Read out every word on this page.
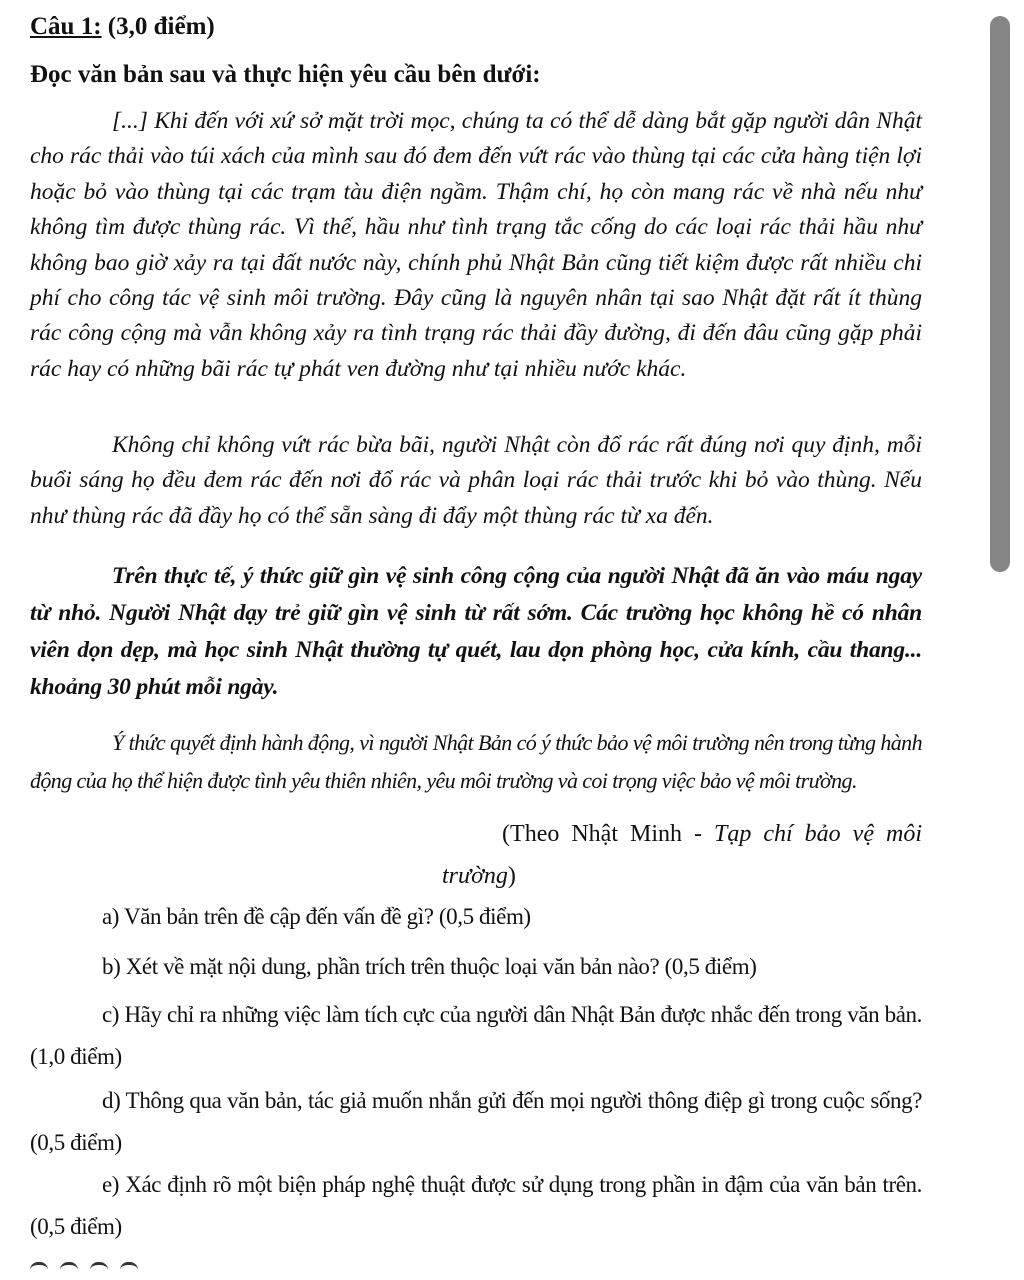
Câu 1: (3,0 điểm)
Đọc văn bản sau và thực hiện yêu cầu bên dưới:

[...] Khi đến với xứ sở mặt trời mọc, chúng ta có thể dễ dàng bắt gặp người dân Nhật cho rác thải vào túi xách của mình sau đó đem đến vứt rác vào thùng tại các cửa hàng tiện lợi hoặc bỏ vào thùng tại các trạm tàu điện ngầm. Thậm chí, họ còn mang rác về nhà nếu như không tìm được thùng rác. Vì thế, hầu như tình trạng tắc cống do các loại rác thải hầu như không bao giờ xảy ra tại đất nước này, chính phủ Nhật Bản cũng tiết kiệm được rất nhiều chi phí cho công tác vệ sinh môi trường. Đây cũng là nguyên nhân tại sao Nhật đặt rất ít thùng rác công cộng mà vẫn không xảy ra tình trạng rác thải đầy đường, đi đến đâu cũng gặp phải rác hay có những bãi rác tự phát ven đường như tại nhiều nước khác.

Không chỉ không vứt rác bừa bãi, người Nhật còn đổ rác rất đúng nơi quy định, mỗi buổi sáng họ đều đem rác đến nơi đổ rác và phân loại rác thải trước khi bỏ vào thùng. Nếu như thùng rác đã đầy họ có thể sẵn sàng đi đẩy một thùng rác từ xa đến.

Trên thực tế, ý thức giữ gìn vệ sinh công cộng của người Nhật đã ăn vào máu ngay từ nhỏ. Người Nhật dạy trẻ giữ gìn vệ sinh từ rất sớm. Các trường học không hề có nhân viên dọn dẹp, mà học sinh Nhật thường tự quét, lau dọn phòng học, cửa kính, cầu thang... khoảng 30 phút mỗi ngày.

Ý thức quyết định hành động, vì người Nhật Bản có ý thức bảo vệ môi trường nên trong từng hành động của họ thể hiện được tình yêu thiên nhiên, yêu môi trường và coi trọng việc bảo vệ môi trường.

(Theo Nhật Minh - Tạp chí bảo vệ môi
trường)

a) Văn bản trên đề cập đến vấn đề gì? (0,5 điểm)

b) Xét về mặt nội dung, phần trích trên thuộc loại văn bản nào? (0,5 điểm)

c) Hãy chỉ ra những việc làm tích cực của người dân Nhật Bản được nhắc đến trong văn bản. (1,0 điểm)

d) Thông qua văn bản, tác giả muốn nhắn gửi đến mọi người thông điệp gì trong cuộc sống? (0,5 điểm)

e) Xác định rõ một biện pháp nghệ thuật được sử dụng trong phần in đậm của văn bản trên. (0,5 điểm)
